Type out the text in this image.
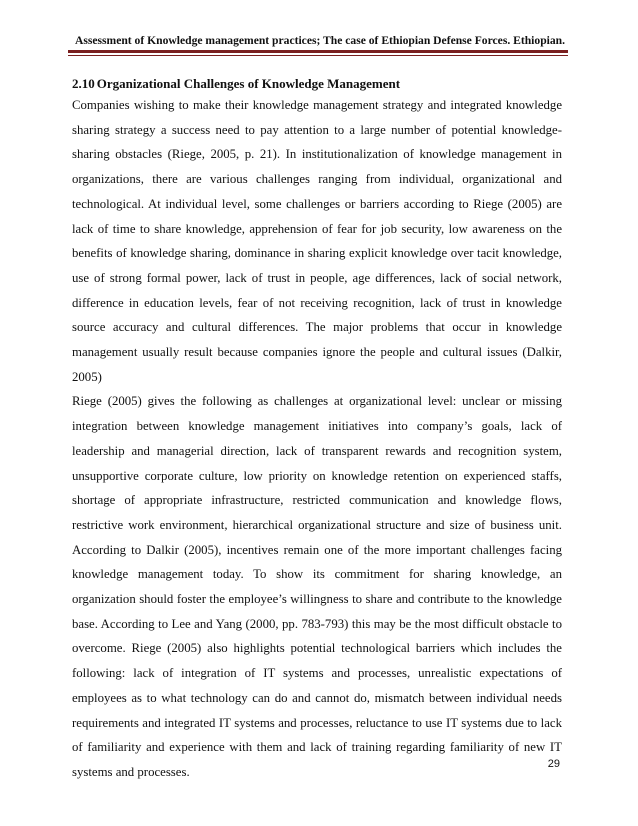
Assessment of Knowledge management practices; The case of Ethiopian Defense Forces. Ethiopian.
2.10 Organizational Challenges of Knowledge Management

Companies wishing to make their knowledge management strategy and integrated knowledge sharing strategy a success need to pay attention to a large number of potential knowledge-sharing obstacles (Riege, 2005, p. 21). In institutionalization of knowledge management in organizations, there are various challenges ranging from individual, organizational and technological. At individual level, some challenges or barriers according to Riege (2005) are lack of time to share knowledge, apprehension of fear for job security, low awareness on the benefits of knowledge sharing, dominance in sharing explicit knowledge over tacit knowledge, use of strong formal power, lack of trust in people, age differences, lack of social network, difference in education levels, fear of not receiving recognition, lack of trust in knowledge source accuracy and cultural differences. The major problems that occur in knowledge management usually result because companies ignore the people and cultural issues (Dalkir, 2005)

Riege (2005) gives the following as challenges at organizational level: unclear or missing integration between knowledge management initiatives into company’s goals, lack of leadership and managerial direction, lack of transparent rewards and recognition system, unsupportive corporate culture, low priority on knowledge retention on experienced staffs, shortage of appropriate infrastructure, restricted communication and knowledge flows, restrictive work environment, hierarchical organizational structure and size of business unit. According to Dalkir (2005), incentives remain one of the more important challenges facing knowledge management today. To show its commitment for sharing knowledge, an organization should foster the employee’s willingness to share and contribute to the knowledge base. According to Lee and Yang (2000, pp. 783-793) this may be the most difficult obstacle to overcome. Riege (2005) also highlights potential technological barriers which includes the following: lack of integration of IT systems and processes, unrealistic expectations of employees as to what technology can do and cannot do, mismatch between individual needs requirements and integrated IT systems and processes, reluctance to use IT systems due to lack of familiarity and experience with them and lack of training regarding familiarity of new IT systems and processes.

29
